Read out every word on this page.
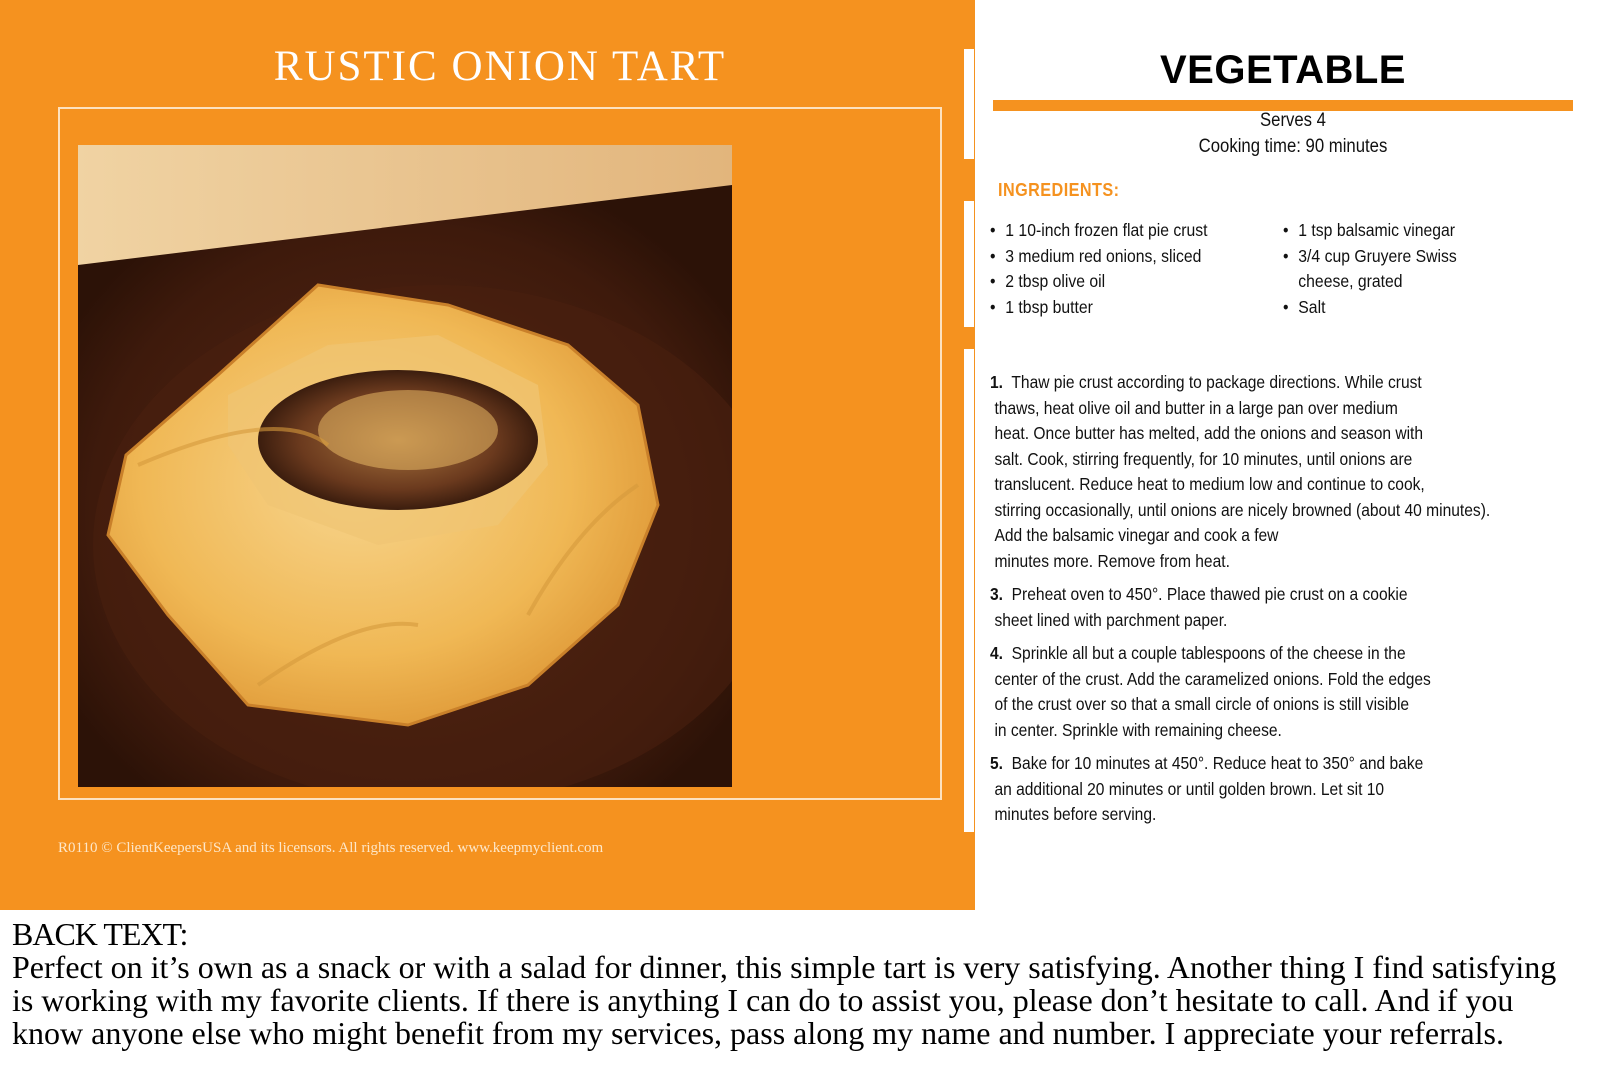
RUSTIC ONION TART
R0110 © ClientKeepersUSA and its licensors. All rights reserved. www.keepmyclient.com
VEGETABLE
Serves 4
Cooking time: 90 minutes
INGREDIENTS:
• 1 10-inch frozen flat pie crust
• 3 medium red onions, sliced
• 2 tbsp olive oil
• 1 tbsp butter
• 1 tsp balsamic vinegar
• 3/4 cup Gruyere Swiss
cheese, grated
• Salt
1. Thaw pie crust according to package directions. While crust
thaws, heat olive oil and butter in a large pan over medium
heat. Once butter has melted, add the onions and season with
salt. Cook, stirring frequently, for 10 minutes, until onions are
translucent. Reduce heat to medium low and continue to cook,
stirring occasionally, until onions are nicely browned (about 40 minutes).
Add the balsamic vinegar and cook a few
minutes more. Remove from heat.
3. Preheat oven to 450°. Place thawed pie crust on a cookie
sheet lined with parchment paper.
4. Sprinkle all but a couple tablespoons of the cheese in the
center of the crust. Add the caramelized onions. Fold the edges
of the crust over so that a small circle of onions is still visible
in center. Sprinkle with remaining cheese.
5. Bake for 10 minutes at 450°. Reduce heat to 350° and bake
an additional 20 minutes or until golden brown. Let sit 10
minutes before serving.
BACK TEXT:
Perfect on it’s own as a snack or with a salad for dinner, this simple tart is very satisfying. Another thing I find satisfying
is working with my favorite clients. If there is anything I can do to assist you, please don’t hesitate to call. And if you
know anyone else who might benefit from my services, pass along my name and number. I appreciate your referrals.
